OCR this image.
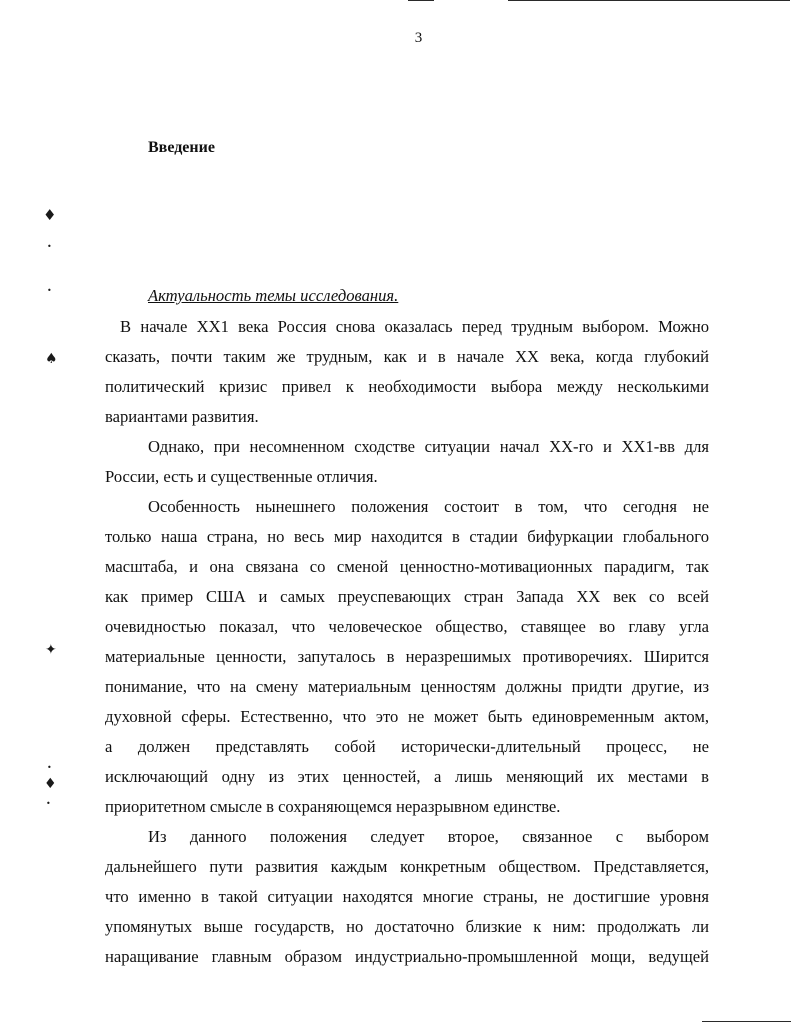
3
Введение
♦
•
•
♠
✦
•
♦
•

Актуальность темы исследования.

В начале ХХ1 века Россия снова оказалась перед трудным выбором. Можно
сказать, почти таким же трудным, как и в начале ХХ века, когда глубокий
политический кризис привел к необходимости выбора между несколькими
вариантами развития.
Однако, при несомненном сходстве ситуации начал ХХ-го и ХХ1-вв для
России, есть и существенные отличия.
Особенность нынешнего положения состоит в том, что сегодня не
только наша страна, но весь мир находится в стадии бифуркации глобального
масштаба, и она связана со сменой ценностно-мотивационных парадигм, так
как пример США и самых преуспевающих стран Запада ХХ век со всей
очевидностью показал, что человеческое общество, ставящее во главу угла
материальные ценности, запуталось в неразрешимых противоречиях. Ширится
понимание, что на смену материальным ценностям должны придти другие, из
духовной сферы. Естественно, что это не может быть единовременным актом,
а должен представлять собой исторически-длительный процесс, не
исключающий одну из этих ценностей, а лишь меняющий их местами в
приоритетном смысле в сохраняющемся неразрывном единстве.
Из данного положения следует второе, связанное с выбором
дальнейшего пути развития каждым конкретным обществом. Представляется,
что именно в такой ситуации находятся многие страны, не достигшие уровня
упомянутых выше государств, но достаточно близкие к ним: продолжать ли
наращивание главным образом индустриально-промышленной мощи, ведущей
